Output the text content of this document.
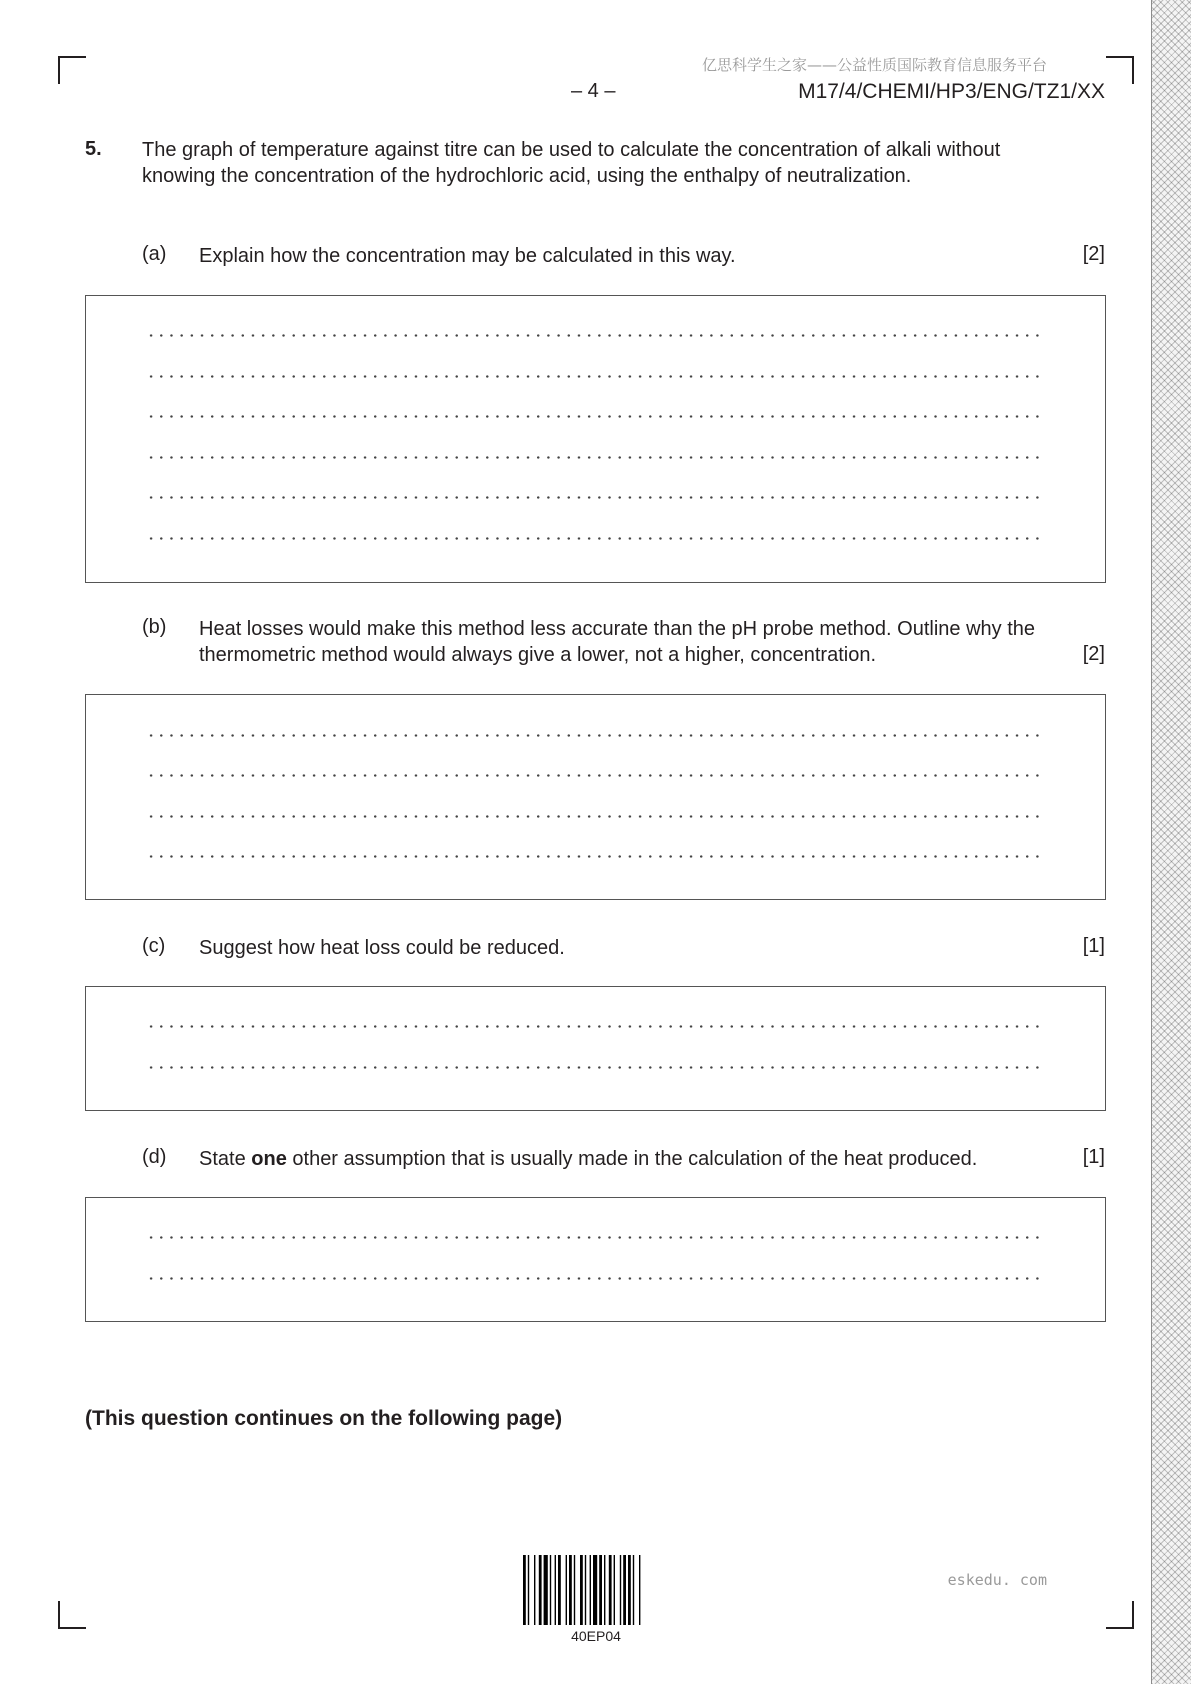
亿思科学生之家——公益性质国际教育信息服务平台
– 4 –	M17/4/CHEMI/HP3/ENG/TZ1/XX
5. The graph of temperature against titre can be used to calculate the concentration of alkali without knowing the concentration of the hydrochloric acid, using the enthalpy of neutralization.
(a) Explain how the concentration may be calculated in this way.	[2]
(b) Heat losses would make this method less accurate than the pH probe method. Outline why the thermometric method would always give a lower, not a higher, concentration.	[2]
(c) Suggest how heat loss could be reduced.	[1]
(d) State one other assumption that is usually made in the calculation of the heat produced.	[1]
(This question continues on the following page)
40EP04
eskedu. com
